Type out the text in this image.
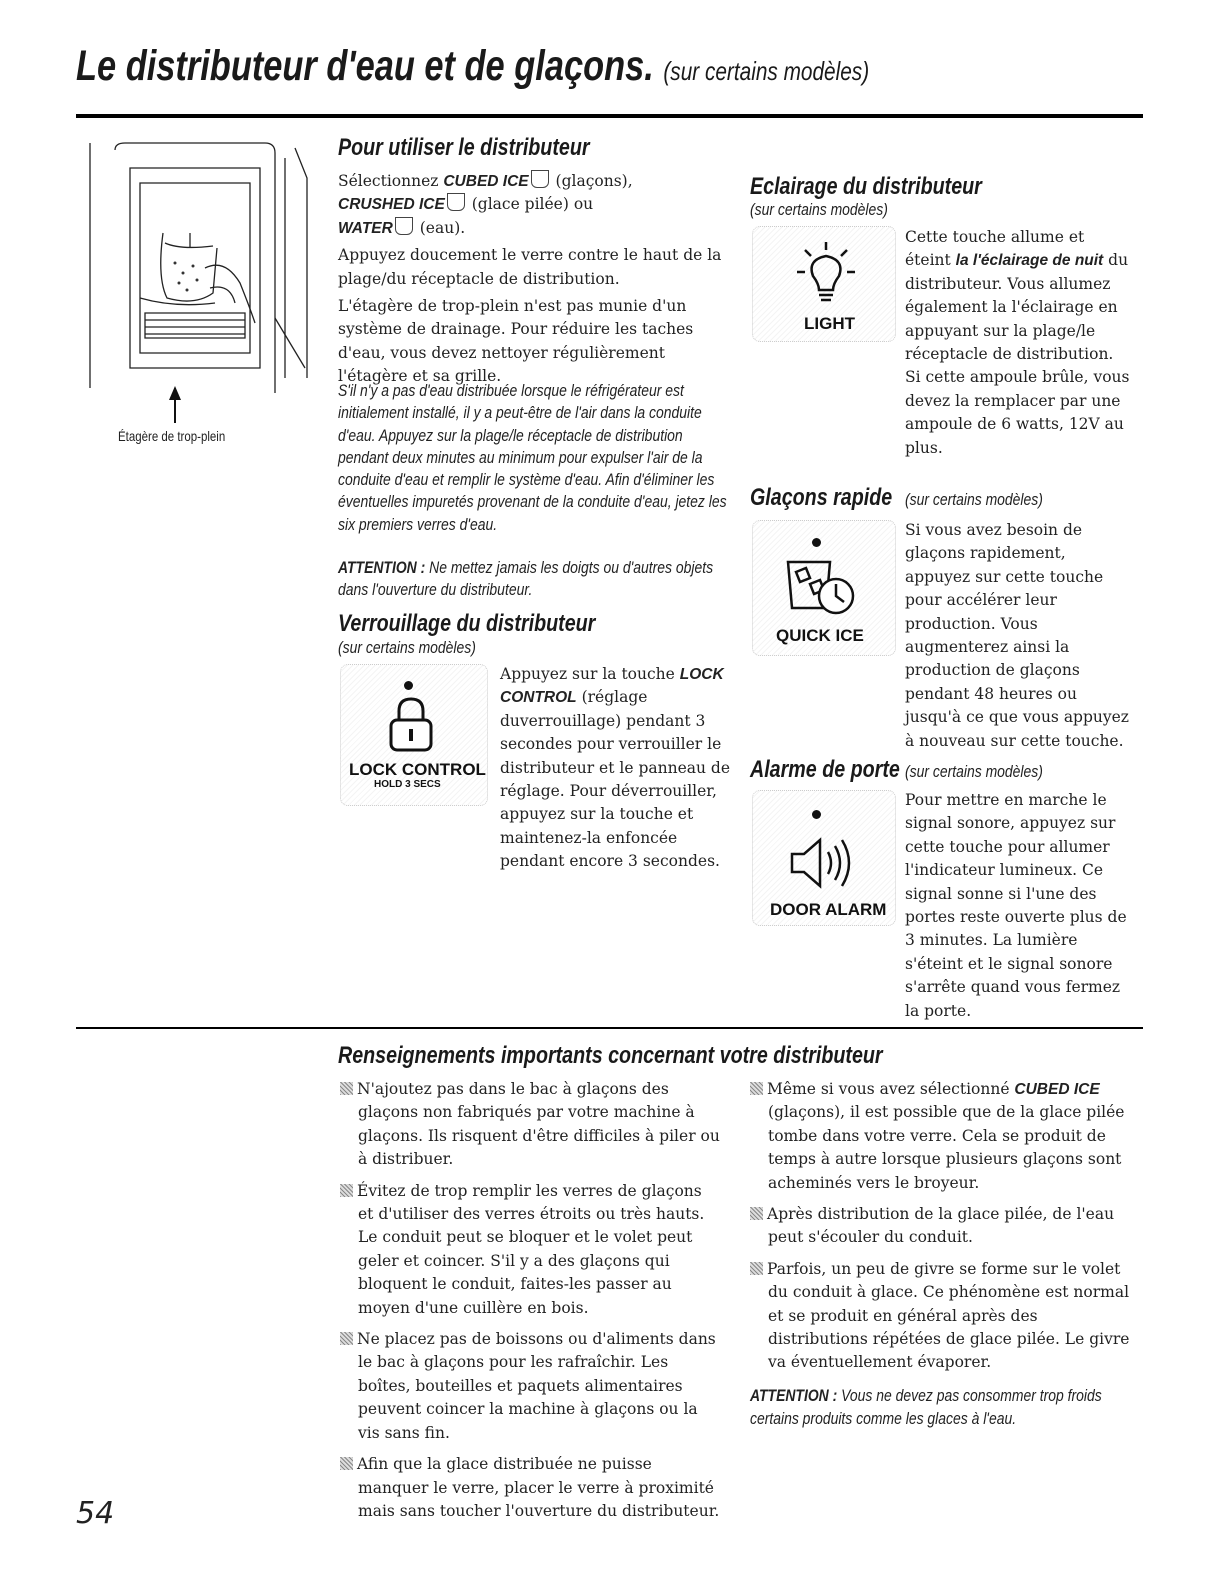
Le distributeur d'eau et de glaçons. (sur certains modèles)
Étagère de trop-plein
Pour utiliser le distributeur

Sélectionnez CUBED ICE (glaçons),

CRUSHED ICE (glace pilée) ou

WATER (eau).

Appuyez doucement le verre contre le haut de la plage/du réceptacle de distribution.

L'étagère de trop-plein n'est pas munie d'un système de drainage. Pour réduire les taches d'eau, vous devez nettoyer régulièrement l'étagère et sa grille.

S'il n'y a pas d'eau distribuée lorsque le réfrigérateur est initialement installé, il y a peut-être de l'air dans la conduite d'eau. Appuyez sur la plage/le réceptacle de distribution pendant deux minutes au minimum pour expulser l'air de la conduite d'eau et remplir le système d'eau. Afin d'éliminer les éventuelles impuretés provenant de la conduite d'eau, jetez les six premiers verres d'eau.
ATTENTION : Ne mettez jamais les doigts ou d'autres objets dans l'ouverture du distributeur.
Verrouillage du distributeur
(sur certains modèles)
LOCK CONTROL
HOLD 3 SECS
Appuyez sur la touche LOCK CONTROL (réglage duverrouillage) pendant 3 secondes pour verrouiller le distributeur et le panneau de réglage. Pour déverrouiller, appuyez sur la touche et maintenez-la enfoncée pendant encore 3 secondes.
Eclairage du distributeur
(sur certains modèles)
LIGHT
Cette touche allume et éteint la l'éclairage de nuit du distributeur. Vous allumez également la l'éclairage en appuyant sur la plage/le réceptacle de distribution. Si cette ampoule brûle, vous devez la remplacer par une ampoule de 6 watts, 12V au plus.
Glaçons rapide (sur certains modèles)
QUICK ICE
Si vous avez besoin de glaçons rapidement, appuyez sur cette touche pour accélérer leur production. Vous augmenterez ainsi la production de glaçons pendant 48 heures ou jusqu'à ce que vous appuyez à nouveau sur cette touche.
Alarme de porte (sur certains modèles)
DOOR ALARM
Pour mettre en marche le signal sonore, appuyez sur cette touche pour allumer l'indicateur lumineux. Ce signal sonne si l'une des portes reste ouverte plus de 3 minutes. La lumière s'éteint et le signal sonore s'arrête quand vous fermez la porte.
Renseignements importants concernant votre distributeur

N'ajoutez pas dans le bac à glaçons des glaçons non fabriqués par votre machine à glaçons. Ils risquent d'être difficiles à piler ou à distribuer.

Évitez de trop remplir les verres de glaçons et d'utiliser des verres étroits ou très hauts. Le conduit peut se bloquer et le volet peut geler et coincer. S'il y a des glaçons qui bloquent le conduit, faites-les passer au moyen d'une cuillère en bois.

Ne placez pas de boissons ou d'aliments dans le bac à glaçons pour les rafraîchir. Les boîtes, bouteilles et paquets alimentaires peuvent coincer la machine à glaçons ou la vis sans fin.

Afin que la glace distribuée ne puisse manquer le verre, placer le verre à proximité mais sans toucher l'ouverture du distributeur.

Même si vous avez sélectionné CUBED ICE (glaçons), il est possible que de la glace pilée tombe dans votre verre. Cela se produit de temps à autre lorsque plusieurs glaçons sont acheminés vers le broyeur.

Après distribution de la glace pilée, de l'eau peut s'écouler du conduit.

Parfois, un peu de givre se forme sur le volet du conduit à glace. Ce phénomène est normal et se produit en général après des distributions répétées de glace pilée. Le givre va éventuellement évaporer.

ATTENTION : Vous ne devez pas consommer trop froids certains produits comme les glaces à l'eau.
54
